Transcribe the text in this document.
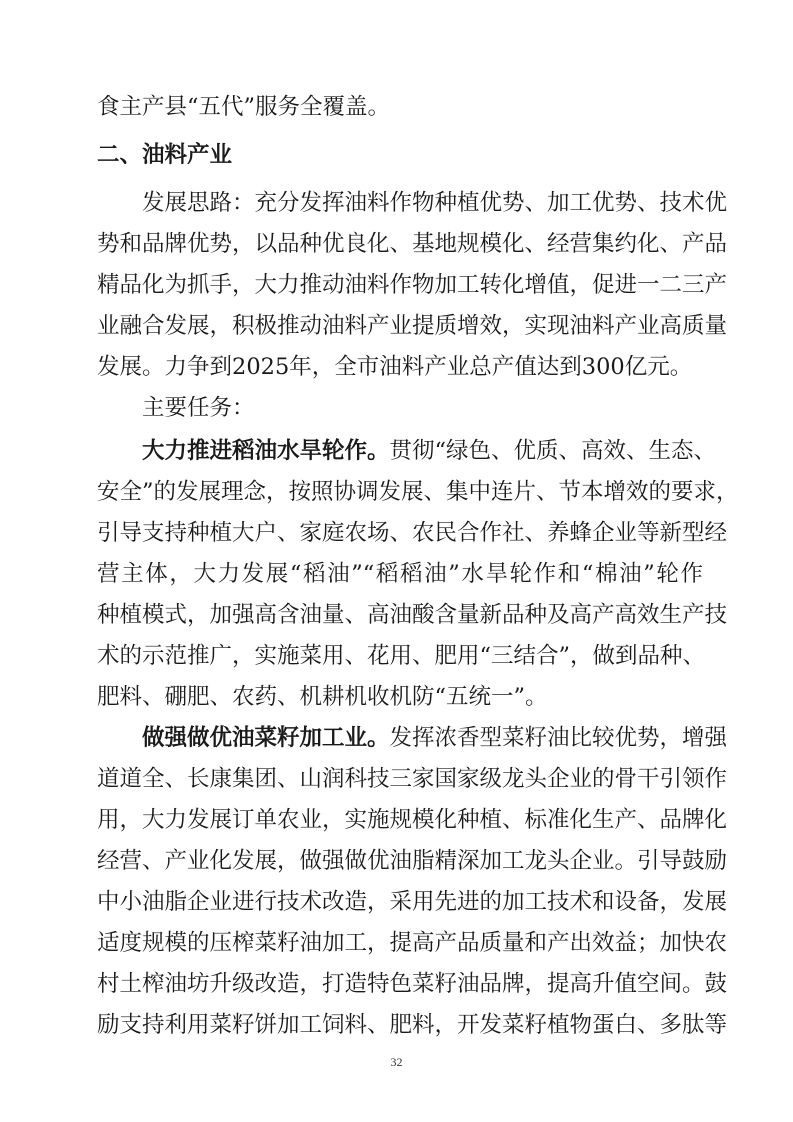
食主产县“五代”服务全覆盖。
二、油料产业
发展思路：充分发挥油料作物种植优势、加工优势、技术优
势和品牌优势，以品种优良化、基地规模化、经营集约化、产品
精品化为抓手，大力推动油料作物加工转化增值，促进一二三产
业融合发展，积极推动油料产业提质增效，实现油料产业高质量
发展。力争到2025年，全市油料产业总产值达到300亿元。
主要任务：
大力推进稻油水旱轮作。贯彻“绿色、优质、高效、生态、
安全”的发展理念，按照协调发展、集中连片、节本增效的要求，
引导支持种植大户、家庭农场、农民合作社、养蜂企业等新型经
营主体，大力发展“稻油”“稻稻油”水旱轮作和“棉油”轮作
种植模式，加强高含油量、高油酸含量新品种及高产高效生产技
术的示范推广，实施菜用、花用、肥用“三结合”，做到品种、
肥料、硼肥、农药、机耕机收机防“五统一”。
做强做优油菜籽加工业。发挥浓香型菜籽油比较优势，增强
道道全、长康集团、山润科技三家国家级龙头企业的骨干引领作
用，大力发展订单农业，实施规模化种植、标准化生产、品牌化
经营、产业化发展，做强做优油脂精深加工龙头企业。引导鼓励
中小油脂企业进行技术改造，采用先进的加工技术和设备，发展
适度规模的压榨菜籽油加工，提高产品质量和产出效益；加快农
村土榨油坊升级改造，打造特色菜籽油品牌，提高升值空间。鼓
励支持利用菜籽饼加工饲料、肥料，开发菜籽植物蛋白、多肽等
32
